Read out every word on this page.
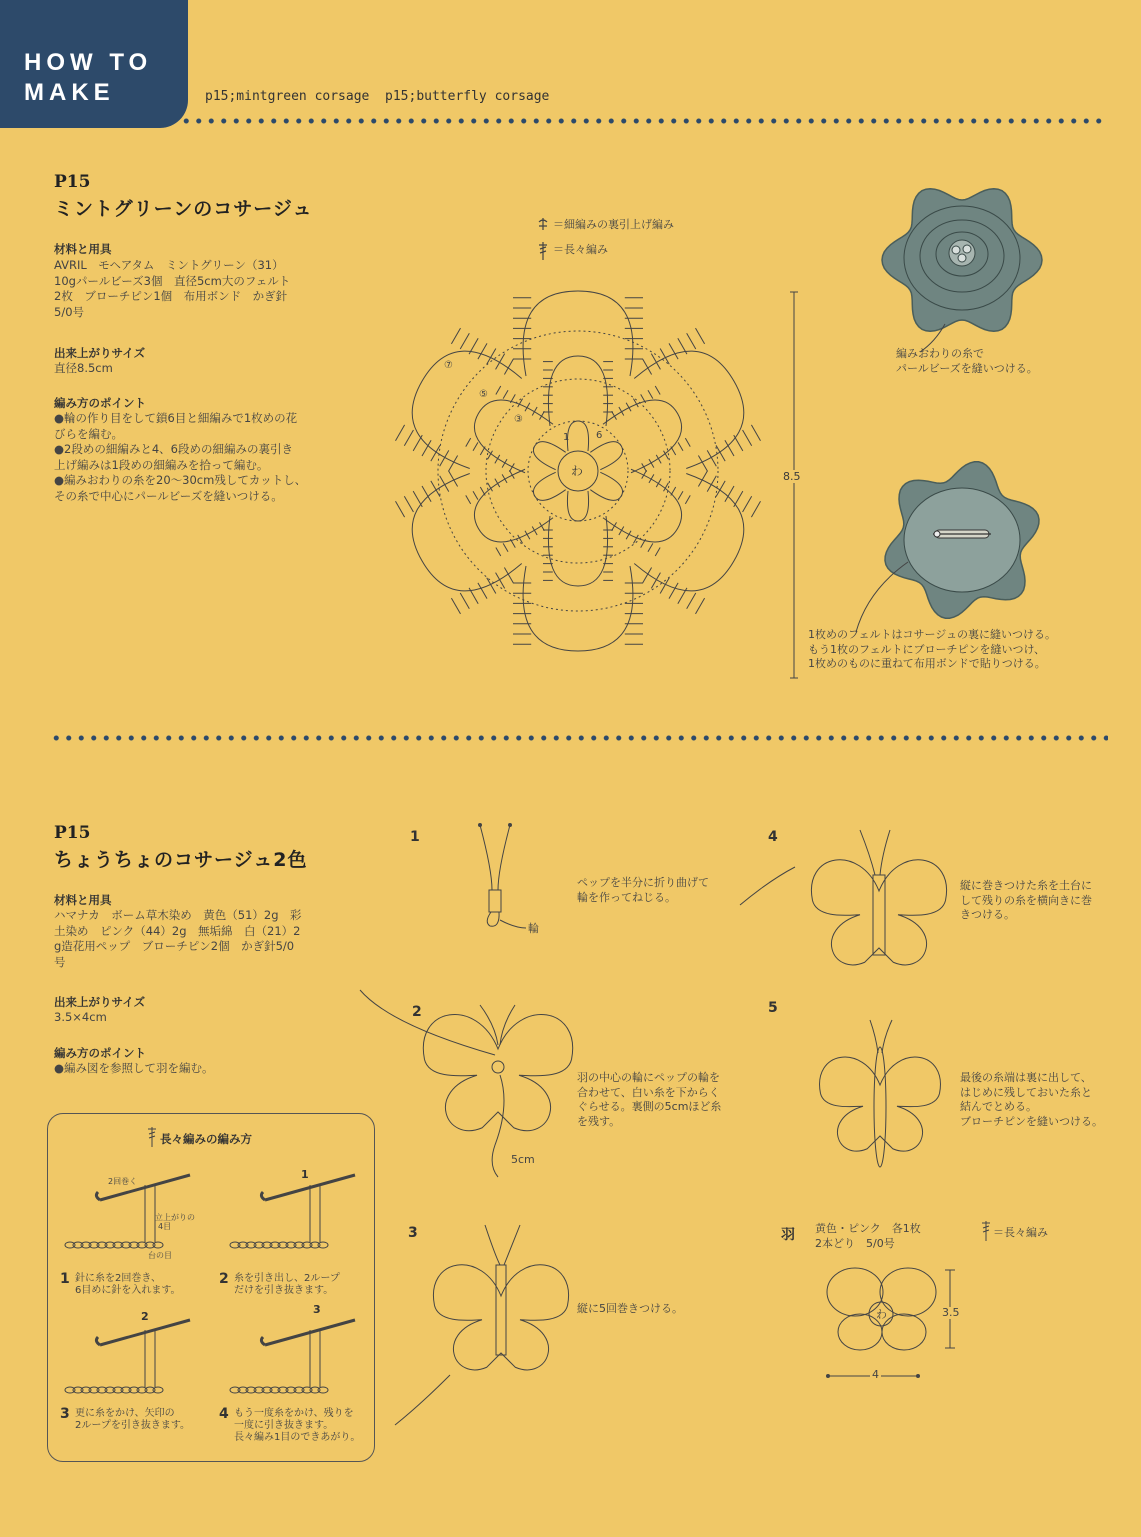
HOW TO
MAKE	p15;mintgreen corsage  p15;butterfly corsage
P15
ミントグリーンのコサージュ
材料と用具
AVRIL　モヘアタム　ミントグリーン（31）
10gパールビーズ3個　直径5cm大のフェルト
2枚　ブローチピン1個　布用ボンド　かぎ針
5/0号
出来上がりサイズ
直径8.5cm
編み方のポイント
●輪の作り目をして鎖6目と細編みで1枚めの花
びらを編む。
●2段めの細編みと4、6段めの細編みの裏引き
上げ編みは1段めの細編みを拾って編む。
●編みおわりの糸を20〜30cm残してカットし、
その糸で中心にパールビーズを縫いつける。
＝細編みの裏引上げ編み
＝長々編み
わ
⑦
⑤
③
1	6
8.5
編みおわりの糸で
パールビーズを縫いつける。
1枚めのフェルトはコサージュの裏に縫いつける。
もう1枚のフェルトにブローチピンを縫いつけ、
1枚めのものに重ねて布用ボンドで貼りつける。
P15
ちょうちょのコサージュ2色
材料と用具
ハマナカ　ボーム草木染め　黄色（51）2g　彩
土染め　ピンク（44）2g　無垢綿　白（21）2
g造花用ペップ　ブローチピン2個　かぎ針5/0
号
出来上がりサイズ
3.5×4cm
編み方のポイント
●編み図を参照して羽を編む。
長々編みの編み方
2回巻く
立上がりの
4目
台の目
1
2
3
1 針に糸を2回巻き、
6目めに針を入れます。
2 糸を引き出し、2ループ
だけを引き抜きます。
3 更に糸をかけ、矢印の
2ループを引き抜きます。
4 もう一度糸をかけ、残りを
一度に引き抜きます。
長々編み1目のできあがり。
1
輪
ペップを半分に折り曲げて
輪を作ってねじる。
2
5cm
羽の中心の輪にペップの輪を
合わせて、白い糸を下からく
ぐらせる。裏側の5cmほど糸
を残す。
3
縦に5回巻きつける。
4
縦に巻きつけた糸を土台に
して残りの糸を横向きに巻
きつける。
5
最後の糸端は裏に出して、
はじめに残しておいた糸と
結んでとめる。
ブローチピンを縫いつける。
羽 黄色・ピンク　各1枚
2本どり　5/0号
＝長々編み
わ	3.5
4
